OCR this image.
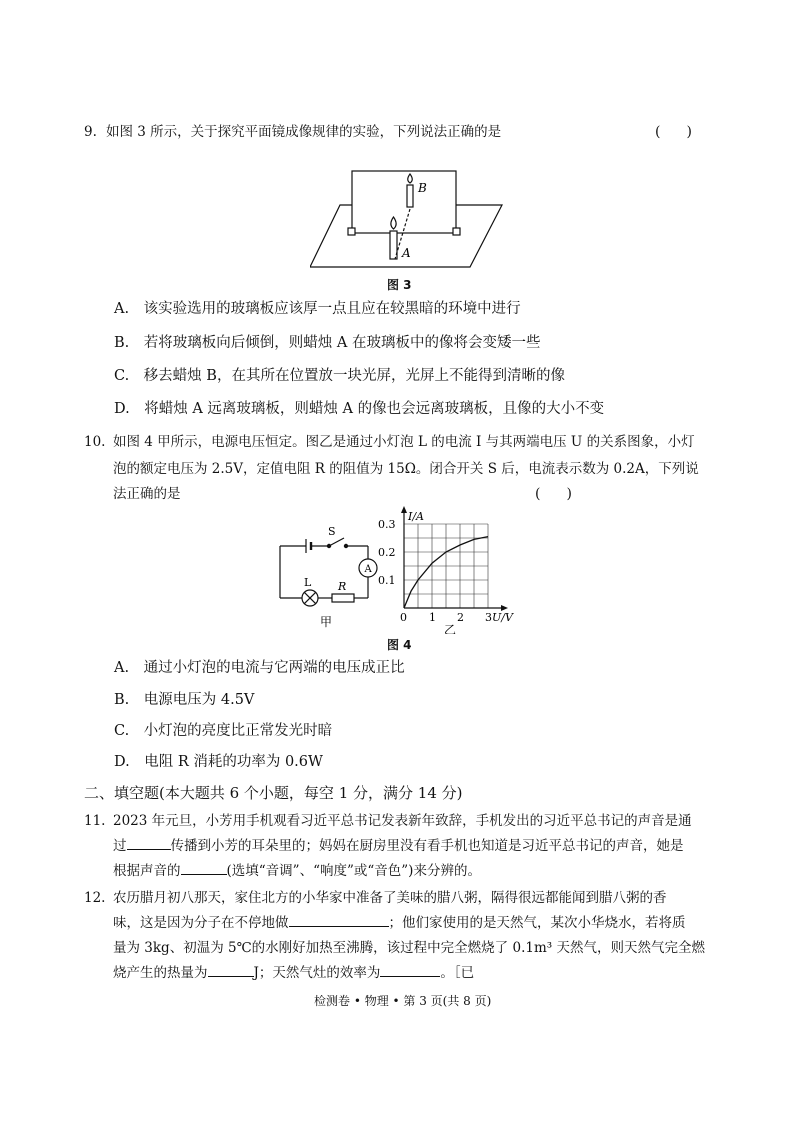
9. 如图 3 所示，关于探究平面镜成像规律的实验，下列说法正确的是	(　)
B
A
图 3
A.　该实验选用的玻璃板应该厚一点且应在较黑暗的环境中进行
B.　若将玻璃板向后倾倒，则蜡烛 A 在玻璃板中的像将会变矮一些
C.　移去蜡烛 B，在其所在位置放一块光屏，光屏上不能得到清晰的像
D.　将蜡烛 A 远离玻璃板，则蜡烛 A 的像也会远离玻璃板，且像的大小不变
10. 如图 4 甲所示，电源电压恒定。图乙是通过小灯泡 L 的电流 I 与其两端电压 U 的关系图象，小灯
泡的额定电压为 2.5V，定值电阻 R 的阻值为 15Ω。闭合开关 S 后，电流表示数为 0.2A，下列说
法正确的是	(　)
S
A
L R
甲	0 1 2 3
0.1
0.2
0.3
I/A
U/V
乙
图 4
A.　通过小灯泡的电流与它两端的电压成正比
B.　电源电压为 4.5V
C.　小灯泡的亮度比正常发光时暗
D.　电阻 R 消耗的功率为 0.6W
二、填空题(本大题共 6 个小题，每空 1 分，满分 14 分)
11. 2023 年元旦，小芳用手机观看习近平总书记发表新年致辞，手机发出的习近平总书记的声音是通
过	传播到小芳的耳朵里的；妈妈在厨房里没有看手机也知道是习近平总书记的声音，她是
根据声音的	(选填“音调”、“响度”或“音色”)来分辨的。
12. 农历腊月初八那天，家住北方的小华家中准备了美味的腊八粥，隔得很远都能闻到腊八粥的香
味，这是因为分子在不停地做	；他们家使用的是天然气，某次小华烧水，若将质
量为 3kg、初温为 5℃的水刚好加热至沸腾，该过程中完全燃烧了 0.1m³ 天然气，则天然气完全燃
烧产生的热量为	J；天然气灶的效率为	。［已
检测卷 • 物理 • 第 3 页(共 8 页)
